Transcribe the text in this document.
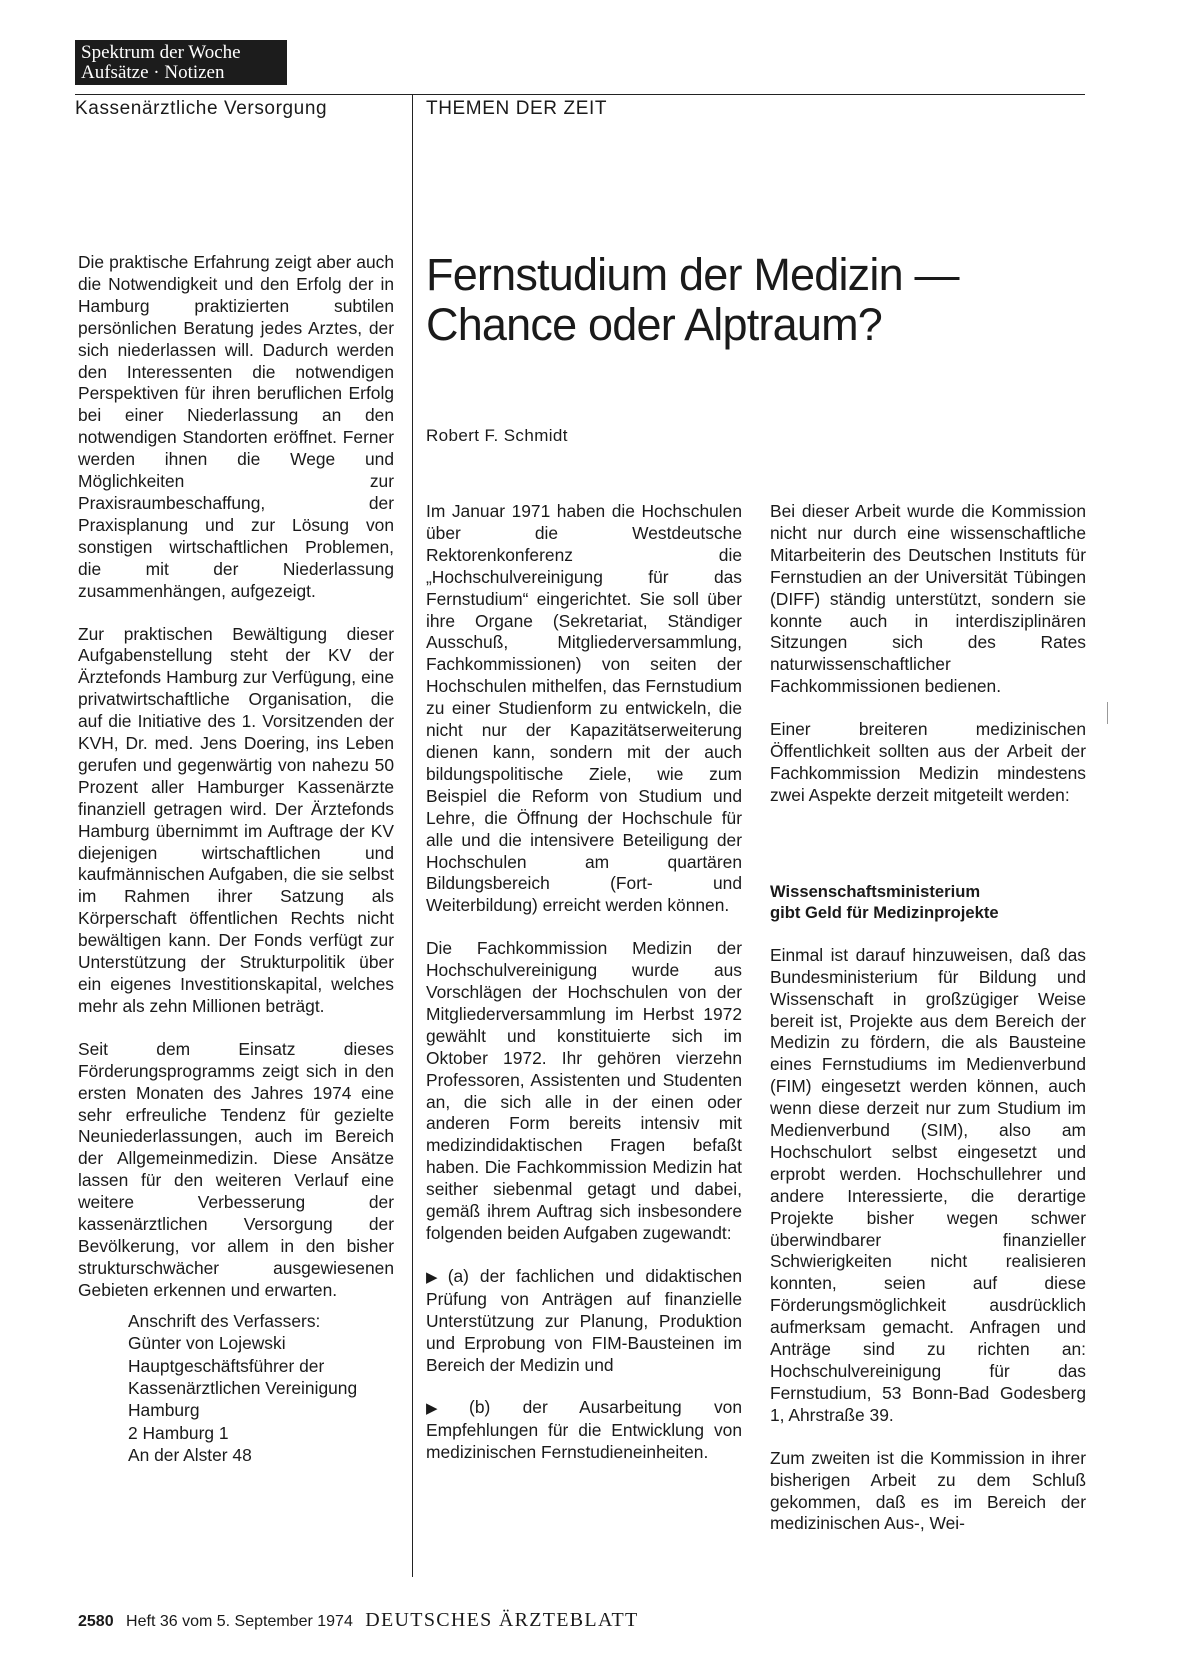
Spektrum der Woche
Aufsätze · Notizen
Kassenärztliche Versorgung	THEMEN DER ZEIT
Fernstudium der Medizin —
Chance oder Alptraum?
Robert F. Schmidt

Die praktische Erfahrung zeigt aber auch die Notwendigkeit und den Erfolg der in Hamburg praktizierten subtilen persönlichen Beratung jedes Arztes, der sich niederlassen will. Dadurch werden den Interessenten die notwendigen Perspektiven für ihren beruflichen Erfolg bei einer Niederlassung an den notwendigen Standorten eröffnet. Ferner werden ihnen die Wege und Möglichkeiten zur Praxisraumbeschaffung, der Praxisplanung und zur Lösung von sonstigen wirtschaftlichen Problemen, die mit der Niederlassung zusammenhängen, aufgezeigt.

Zur praktischen Bewältigung dieser Aufgabenstellung steht der KV der Ärztefonds Hamburg zur Verfügung, eine privatwirtschaftliche Organisation, die auf die Initiative des 1. Vorsitzenden der KVH, Dr. med. Jens Doering, ins Leben gerufen und gegenwärtig von nahezu 50 Prozent aller Hamburger Kassenärzte finanziell getragen wird. Der Ärztefonds Hamburg übernimmt im Auftrage der KV diejenigen wirtschaftlichen und kaufmännischen Aufgaben, die sie selbst im Rahmen ihrer Satzung als Körperschaft öffentlichen Rechts nicht bewältigen kann. Der Fonds verfügt zur Unterstützung der Strukturpolitik über ein eigenes Investitionskapital, welches mehr als zehn Millionen beträgt.

Seit dem Einsatz dieses Förderungsprogramms zeigt sich in den ersten Monaten des Jahres 1974 eine sehr erfreuliche Tendenz für gezielte Neuniederlassungen, auch im Bereich der Allgemeinmedizin. Diese Ansätze lassen für den weiteren Verlauf eine weitere Verbesserung der kassenärztlichen Versorgung der Bevölkerung, vor allem in den bisher strukturschwächer ausgewiesenen Gebieten erkennen und erwarten.

Anschrift des Verfassers:
Günter von Lojewski
Hauptgeschäftsführer der
Kassenärztlichen Vereinigung
Hamburg
2 Hamburg 1
An der Alster 48

Im Januar 1971 haben die Hochschulen über die Westdeutsche Rektorenkonferenz die „Hochschulvereinigung für das Fernstudium“ eingerichtet. Sie soll über ihre Organe (Sekretariat, Ständiger Ausschuß, Mitgliederversammlung, Fachkommissionen) von seiten der Hochschulen mithelfen, das Fernstudium zu einer Studienform zu entwickeln, die nicht nur der Kapazitätserweiterung dienen kann, sondern mit der auch bildungspolitische Ziele, wie zum Beispiel die Reform von Studium und Lehre, die Öffnung der Hochschule für alle und die intensivere Beteiligung der Hochschulen am quartären Bildungsbereich (Fort- und Weiterbildung) erreicht werden können.

Die Fachkommission Medizin der Hochschulvereinigung wurde aus Vorschlägen der Hochschulen von der Mitgliederversammlung im Herbst 1972 gewählt und konstituierte sich im Oktober 1972. Ihr gehören vierzehn Professoren, Assistenten und Studenten an, die sich alle in der einen oder anderen Form bereits intensiv mit medizindidaktischen Fragen befaßt haben. Die Fachkommission Medizin hat seither siebenmal getagt und dabei, gemäß ihrem Auftrag sich insbesondere folgenden beiden Aufgaben zugewandt:

▶ (a) der fachlichen und didaktischen Prüfung von Anträgen auf finanzielle Unterstützung zur Planung, Produktion und Erprobung von FIM-Bausteinen im Bereich der Medizin und

▶ (b) der Ausarbeitung von Empfehlungen für die Entwicklung von medizinischen Fernstudieneinheiten.

Bei dieser Arbeit wurde die Kommission nicht nur durch eine wissenschaftliche Mitarbeiterin des Deutschen Instituts für Fernstudien an der Universität Tübingen (DIFF) ständig unterstützt, sondern sie konnte auch in interdisziplinären Sitzungen sich des Rates naturwissenschaftlicher Fachkommissionen bedienen.

Einer breiteren medizinischen Öffentlichkeit sollten aus der Arbeit der Fachkommission Medizin mindestens zwei Aspekte derzeit mitgeteilt werden:

Wissenschaftsministerium
gibt Geld für Medizinprojekte

Einmal ist darauf hinzuweisen, daß das Bundesministerium für Bildung und Wissenschaft in großzügiger Weise bereit ist, Projekte aus dem Bereich der Medizin zu fördern, die als Bausteine eines Fernstudiums im Medienverbund (FIM) eingesetzt werden können, auch wenn diese derzeit nur zum Studium im Medienverbund (SIM), also am Hochschulort selbst eingesetzt und erprobt werden. Hochschullehrer und andere Interessierte, die derartige Projekte bisher wegen schwer überwindbarer finanzieller Schwierigkeiten nicht realisieren konnten, seien auf diese Förderungsmöglichkeit ausdrücklich aufmerksam gemacht. Anfragen und Anträge sind zu richten an: Hochschulvereinigung für das Fernstudium, 53 Bonn-Bad Godesberg 1, Ahrstraße 39.

Zum zweiten ist die Kommission in ihrer bisherigen Arbeit zu dem Schluß gekommen, daß es im Bereich der medizinischen Aus-, Wei-

2580 Heft 36 vom 5. September 1974 DEUTSCHES ÄRZTEBLATT
